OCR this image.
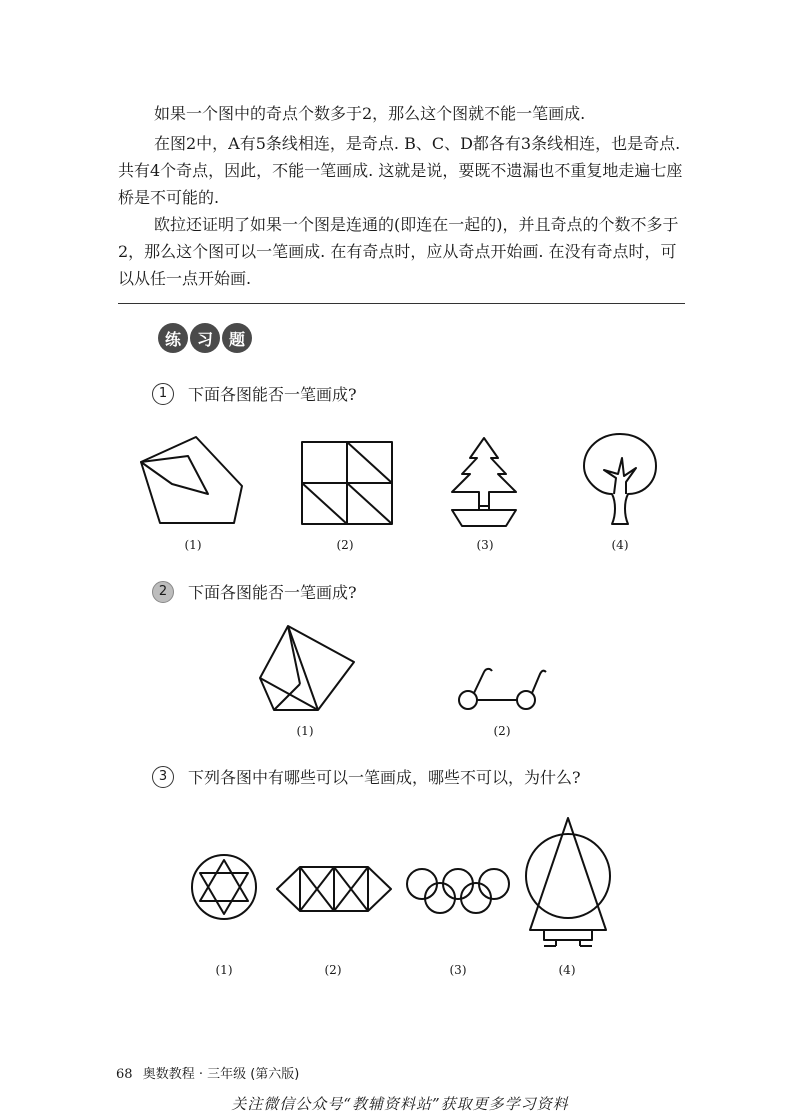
如果一个图中的奇点个数多于2，那么这个图就不能一笔画成.

在图2中，A有5条线相连，是奇点. B、C、D都各有3条线相连，也是奇点. 共有4个奇点，因此，不能一笔画成. 这就是说，要既不遗漏也不重复地走遍七座桥是不可能的.

欧拉还证明了如果一个图是连通的(即连在一起的)，并且奇点的个数不多于2，那么这个图可以一笔画成. 在有奇点时，应从奇点开始画. 在没有奇点时，可以从任一点开始画.

练 习 题
1	下面各图能否一笔画成?
(1)	(2)	(3)	(4)
2	下面各图能否一笔画成?
(1)	(2)
3	下列各图中有哪些可以一笔画成，哪些不可以，为什么?
(1)	(2)	(3)	(4)
68 奥数教程 · 三年级 (第六版)
关注微信公众号“教辅资料站”获取更多学习资料
